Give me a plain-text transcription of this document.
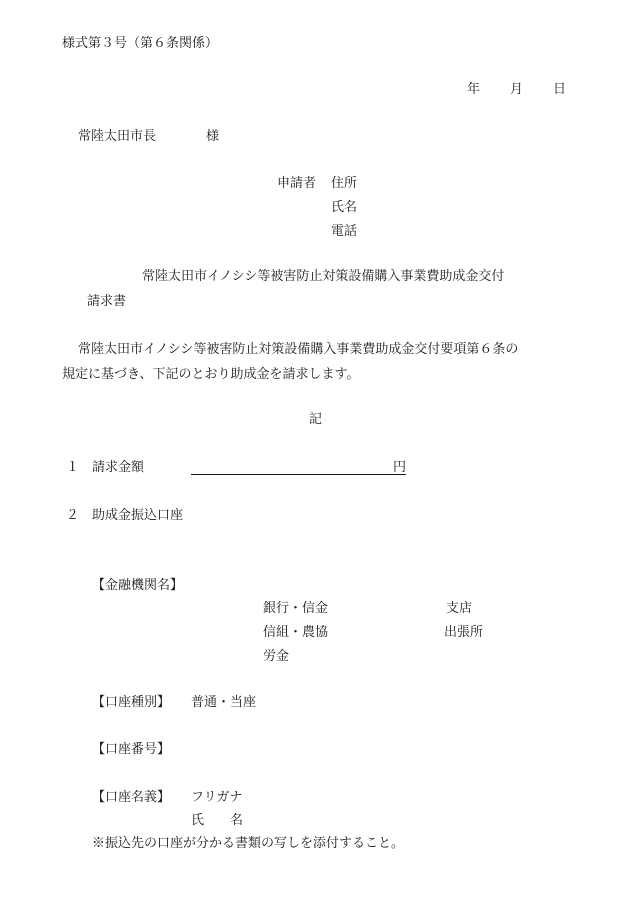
様式第３号（第６条関係）
年 月 日
常陸太田市長	様
申請者 住所
氏名
電話
常陸太田市イノシシ等被害防止対策設備購入事業費助成金交付
請求書
常陸太田市イノシシ等被害防止対策設備購入事業費助成金交付要項第６条の
規定に基づき、下記のとおり助成金を請求します。
記
１ 請求金額	円
２ 助成金振込口座
【金融機関名】
銀行・信金	支店
信組・農協	出張所
労金
【口座種別】 普通・当座
【口座番号】
【口座名義】 フリガナ
氏　　名
※振込先の口座が分かる書類の写しを添付すること。
